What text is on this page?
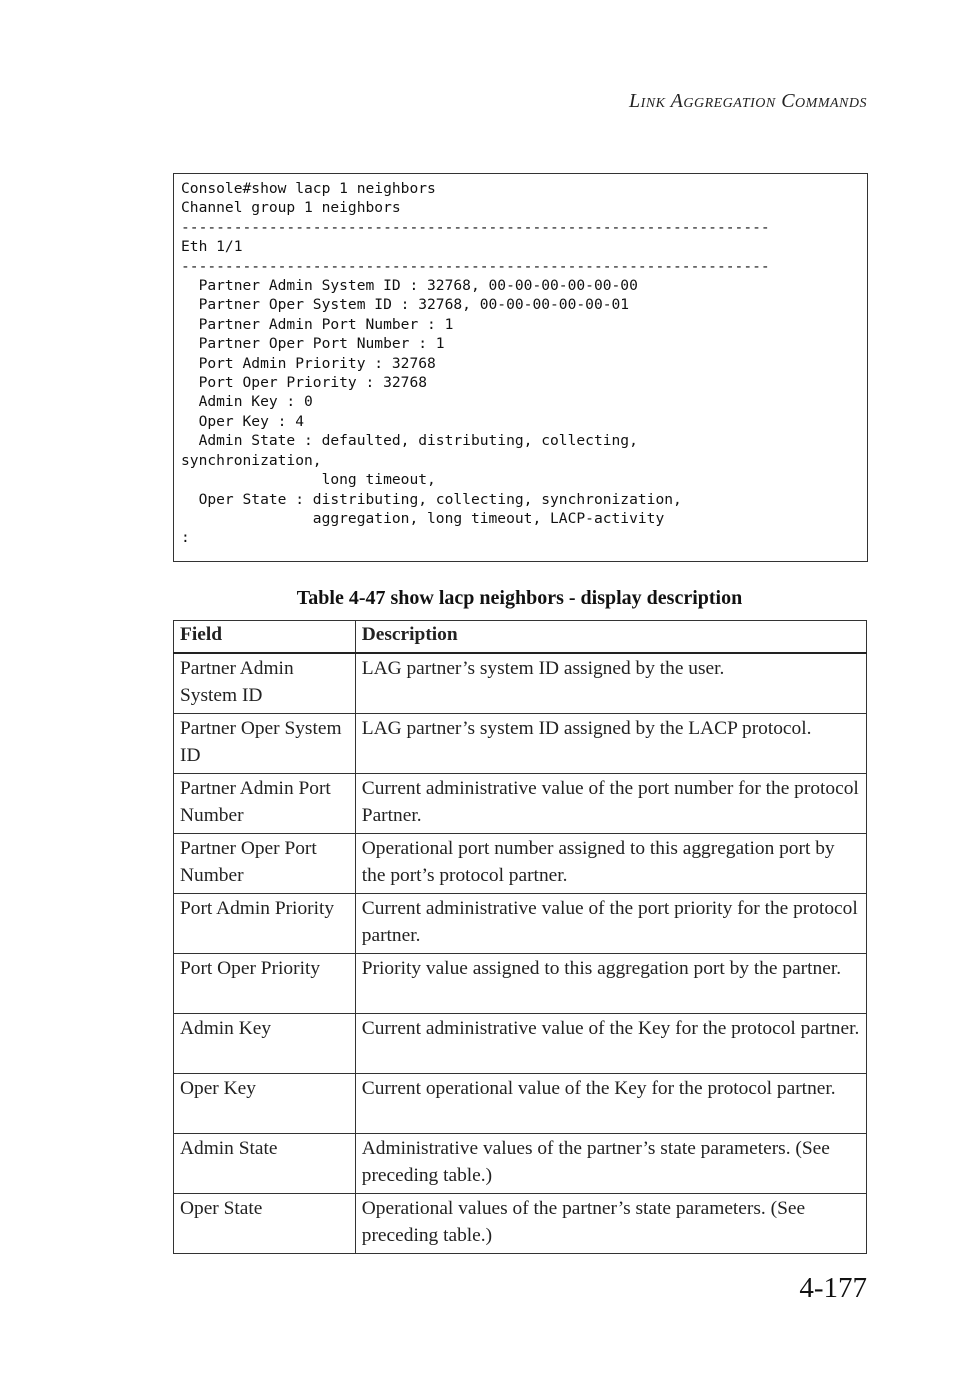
Link Aggregation Commands
Console#show lacp 1 neighbors
Channel group 1 neighbors
-------------------------------------------------------------------
Eth 1/1
-------------------------------------------------------------------
Partner Admin System ID : 32768, 00-00-00-00-00-00
Partner Oper System ID : 32768, 00-00-00-00-00-01
Partner Admin Port Number : 1
Partner Oper Port Number : 1
Port Admin Priority : 32768
Port Oper Priority : 32768
Admin Key : 0
Oper Key : 4
Admin State : defaulted, distributing, collecting,
synchronization,
long timeout,
Oper State : distributing, collecting, synchronization,
aggregation, long timeout, LACP-activity
:
Table 4-47 show lacp neighbors - display description
Field	Description
Partner Admin System ID	LAG partner’s system ID assigned by the user.
Partner Oper System ID	LAG partner’s system ID assigned by the LACP protocol.
Partner Admin Port Number	Current administrative value of the port number for the protocol Partner.
Partner Oper Port Number	Operational port number assigned to this aggregation port by the port’s protocol partner.
Port Admin Priority	Current administrative value of the port priority for the protocol partner.
Port Oper Priority	Priority value assigned to this aggregation port by the partner.
Admin Key	Current administrative value of the Key for the protocol partner.
Oper Key	Current operational value of the Key for the protocol partner.
Admin State	Administrative values of the partner’s state parameters. (See preceding table.)
Oper State	Operational values of the partner’s state parameters. (See preceding table.)
4-177
